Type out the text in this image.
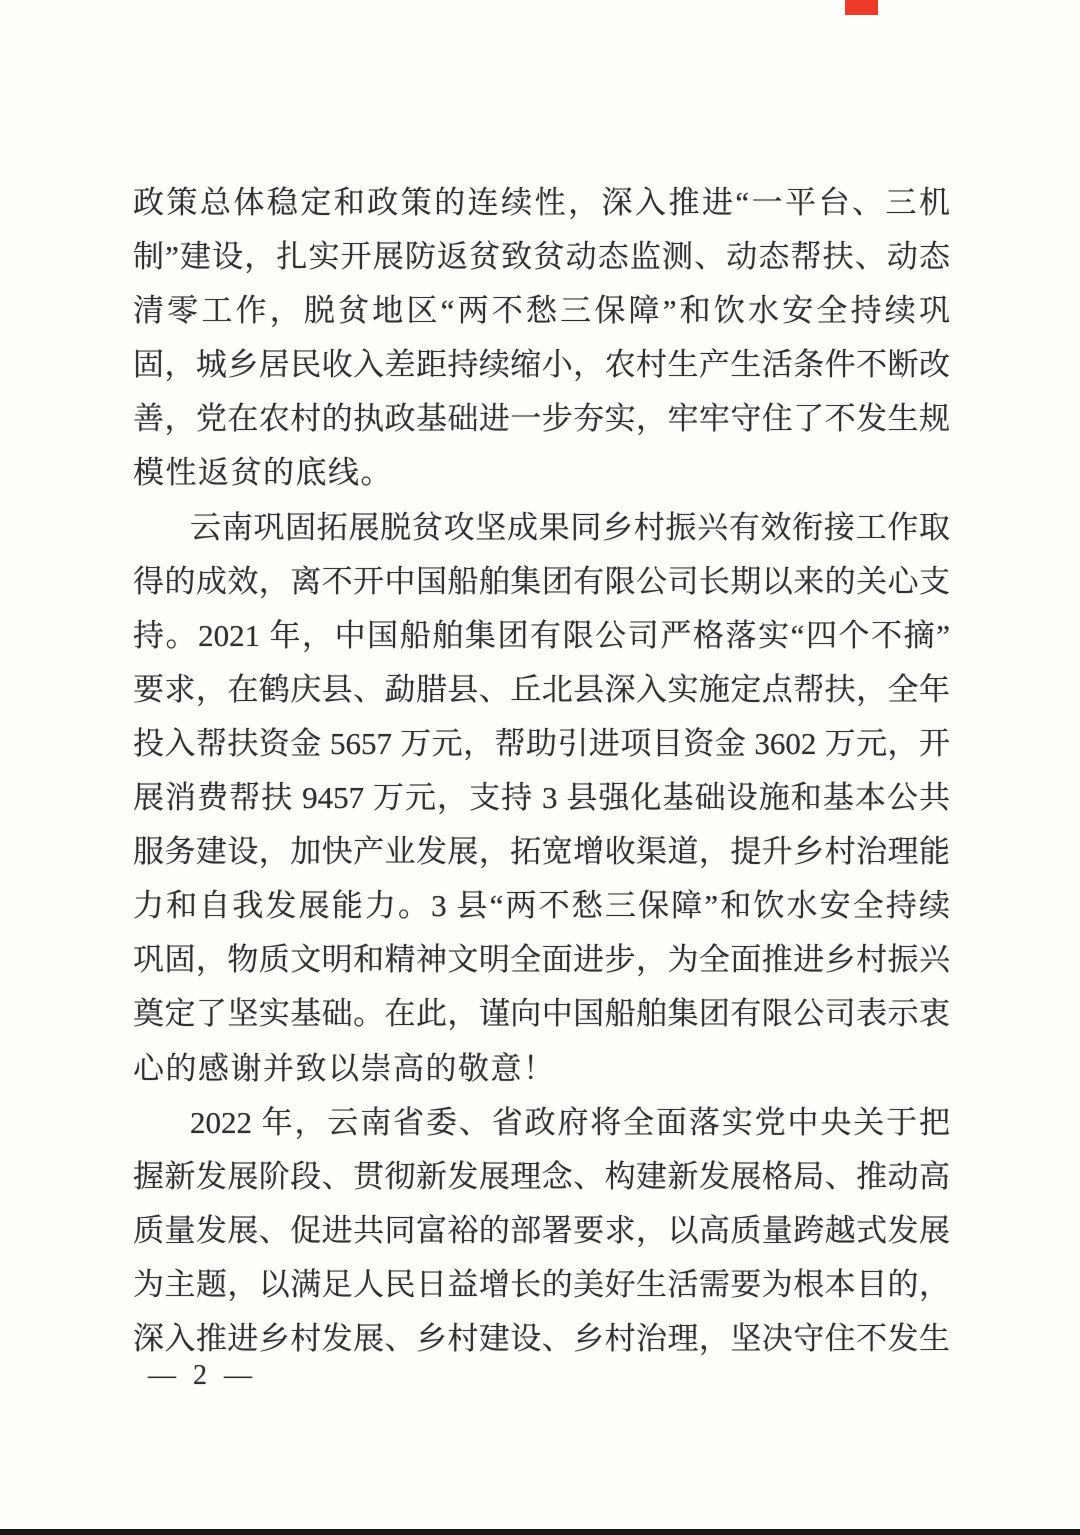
政策总体稳定和政策的连续性，深入推进“一平台、三机
制”建设，扎实开展防返贫致贫动态监测、动态帮扶、动态
清零工作，脱贫地区“两不愁三保障”和饮水安全持续巩
固，城乡居民收入差距持续缩小，农村生产生活条件不断改
善，党在农村的执政基础进一步夯实，牢牢守住了不发生规
模性返贫的底线。
云南巩固拓展脱贫攻坚成果同乡村振兴有效衔接工作取
得的成效，离不开中国船舶集团有限公司长期以来的关心支
持。2021 年，中国船舶集团有限公司严格落实“四个不摘”
要求，在鹤庆县、勐腊县、丘北县深入实施定点帮扶，全年
投入帮扶资金 5657 万元，帮助引进项目资金 3602 万元，开
展消费帮扶 9457 万元，支持 3 县强化基础设施和基本公共
服务建设，加快产业发展，拓宽增收渠道，提升乡村治理能
力和自我发展能力。3 县“两不愁三保障”和饮水安全持续
巩固，物质文明和精神文明全面进步，为全面推进乡村振兴
奠定了坚实基础。在此，谨向中国船舶集团有限公司表示衷
心的感谢并致以崇高的敬意！
2022 年，云南省委、省政府将全面落实党中央关于把
握新发展阶段、贯彻新发展理念、构建新发展格局、推动高
质量发展、促进共同富裕的部署要求，以高质量跨越式发展
为主题，以满足人民日益增长的美好生活需要为根本目的，
深入推进乡村发展、乡村建设、乡村治理，坚决守住不发生
— 2 —
